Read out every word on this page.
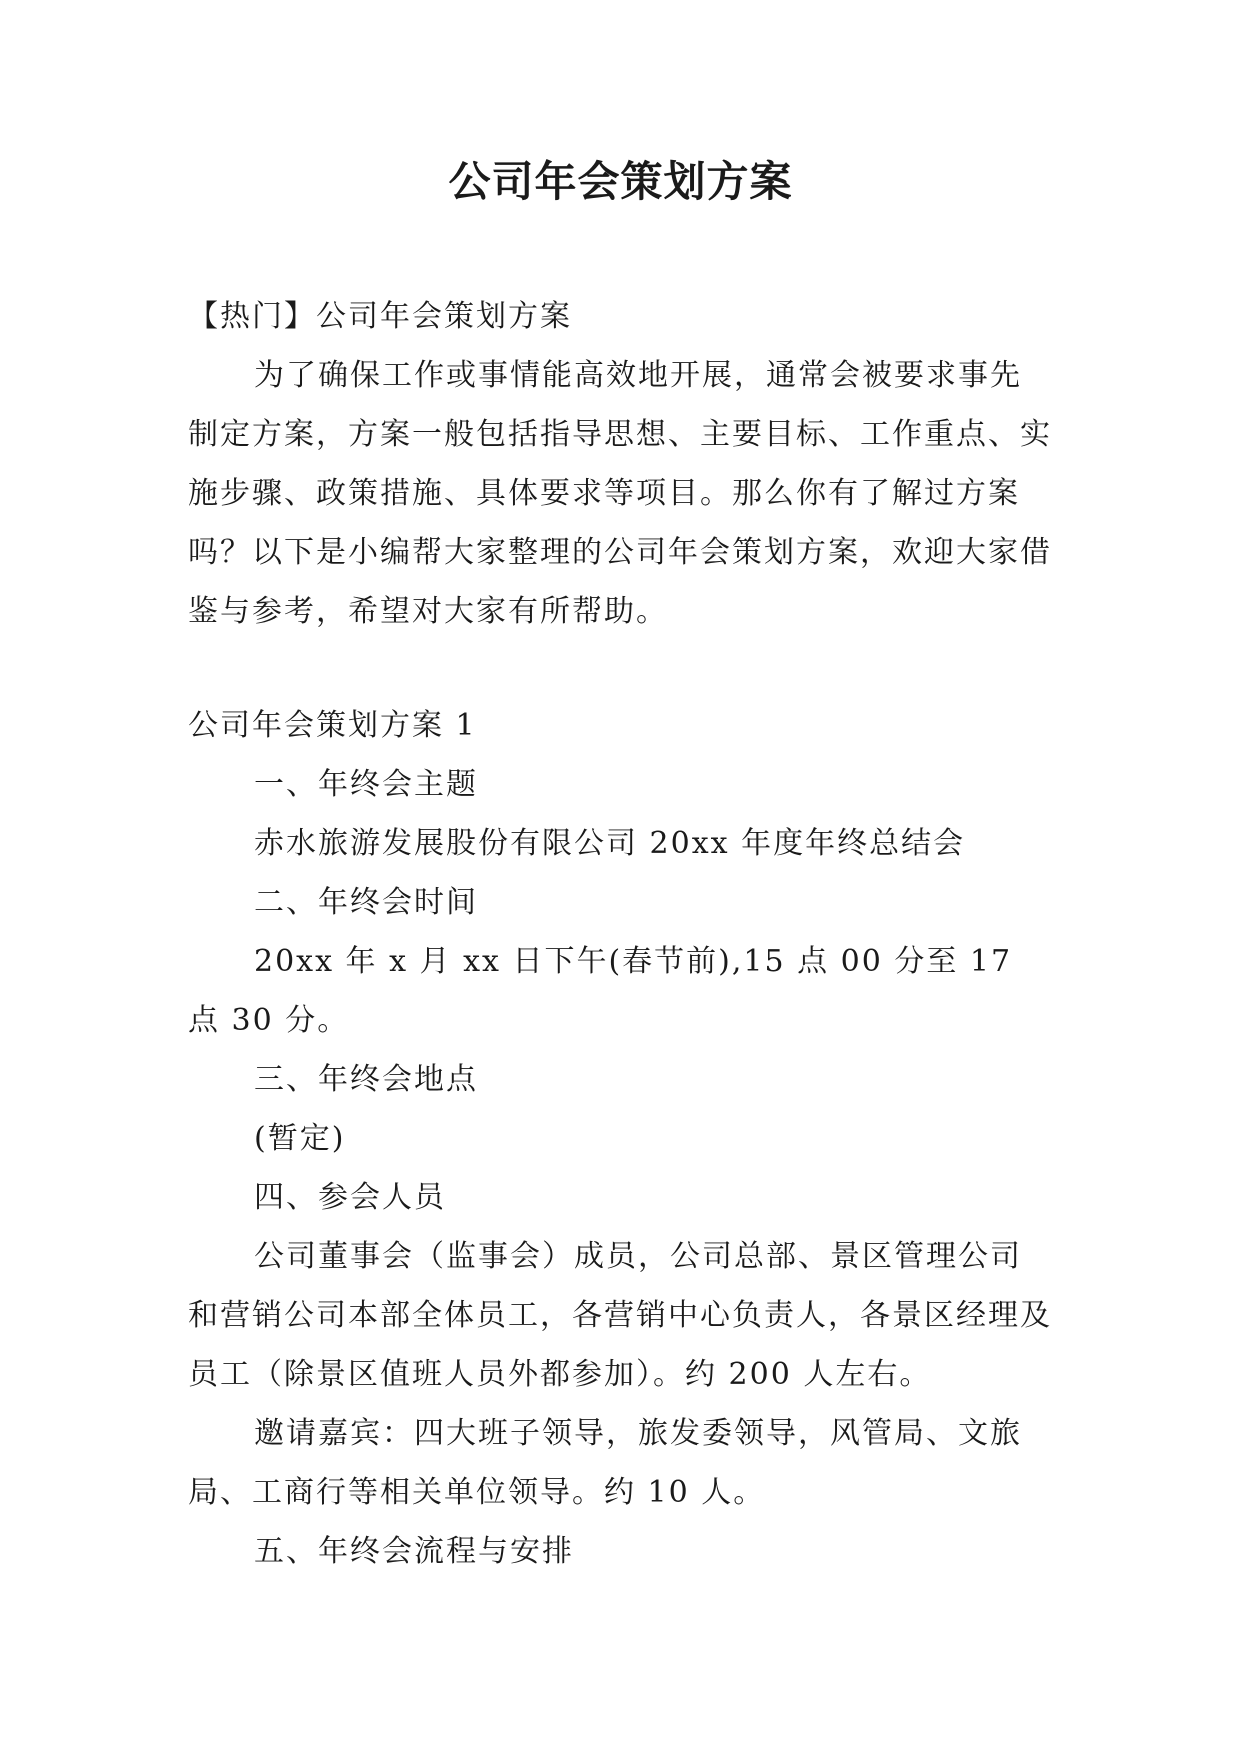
公司年会策划方案

【热门】公司年会策划方案

为了确保工作或事情能高效地开展，通常会被要求事先制定方案，方案一般包括指导思想、主要目标、工作重点、实施步骤、政策措施、具体要求等项目。那么你有了解过方案吗？以下是小编帮大家整理的公司年会策划方案，欢迎大家借鉴与参考，希望对大家有所帮助。

公司年会策划方案 1

一、年终会主题

赤水旅游发展股份有限公司 20xx 年度年终总结会

二、年终会时间

20xx 年 x 月 xx 日下午(春节前),15 点 00 分至 17 点 30 分。

三、年终会地点

(暂定)

四、参会人员

公司董事会（监事会）成员，公司总部、景区管理公司和营销公司本部全体员工，各营销中心负责人，各景区经理及员工（除景区值班人员外都参加）。约 200 人左右。

邀请嘉宾：四大班子领导，旅发委领导，风管局、文旅局、工商行等相关单位领导。约 10 人。

五、年终会流程与安排
